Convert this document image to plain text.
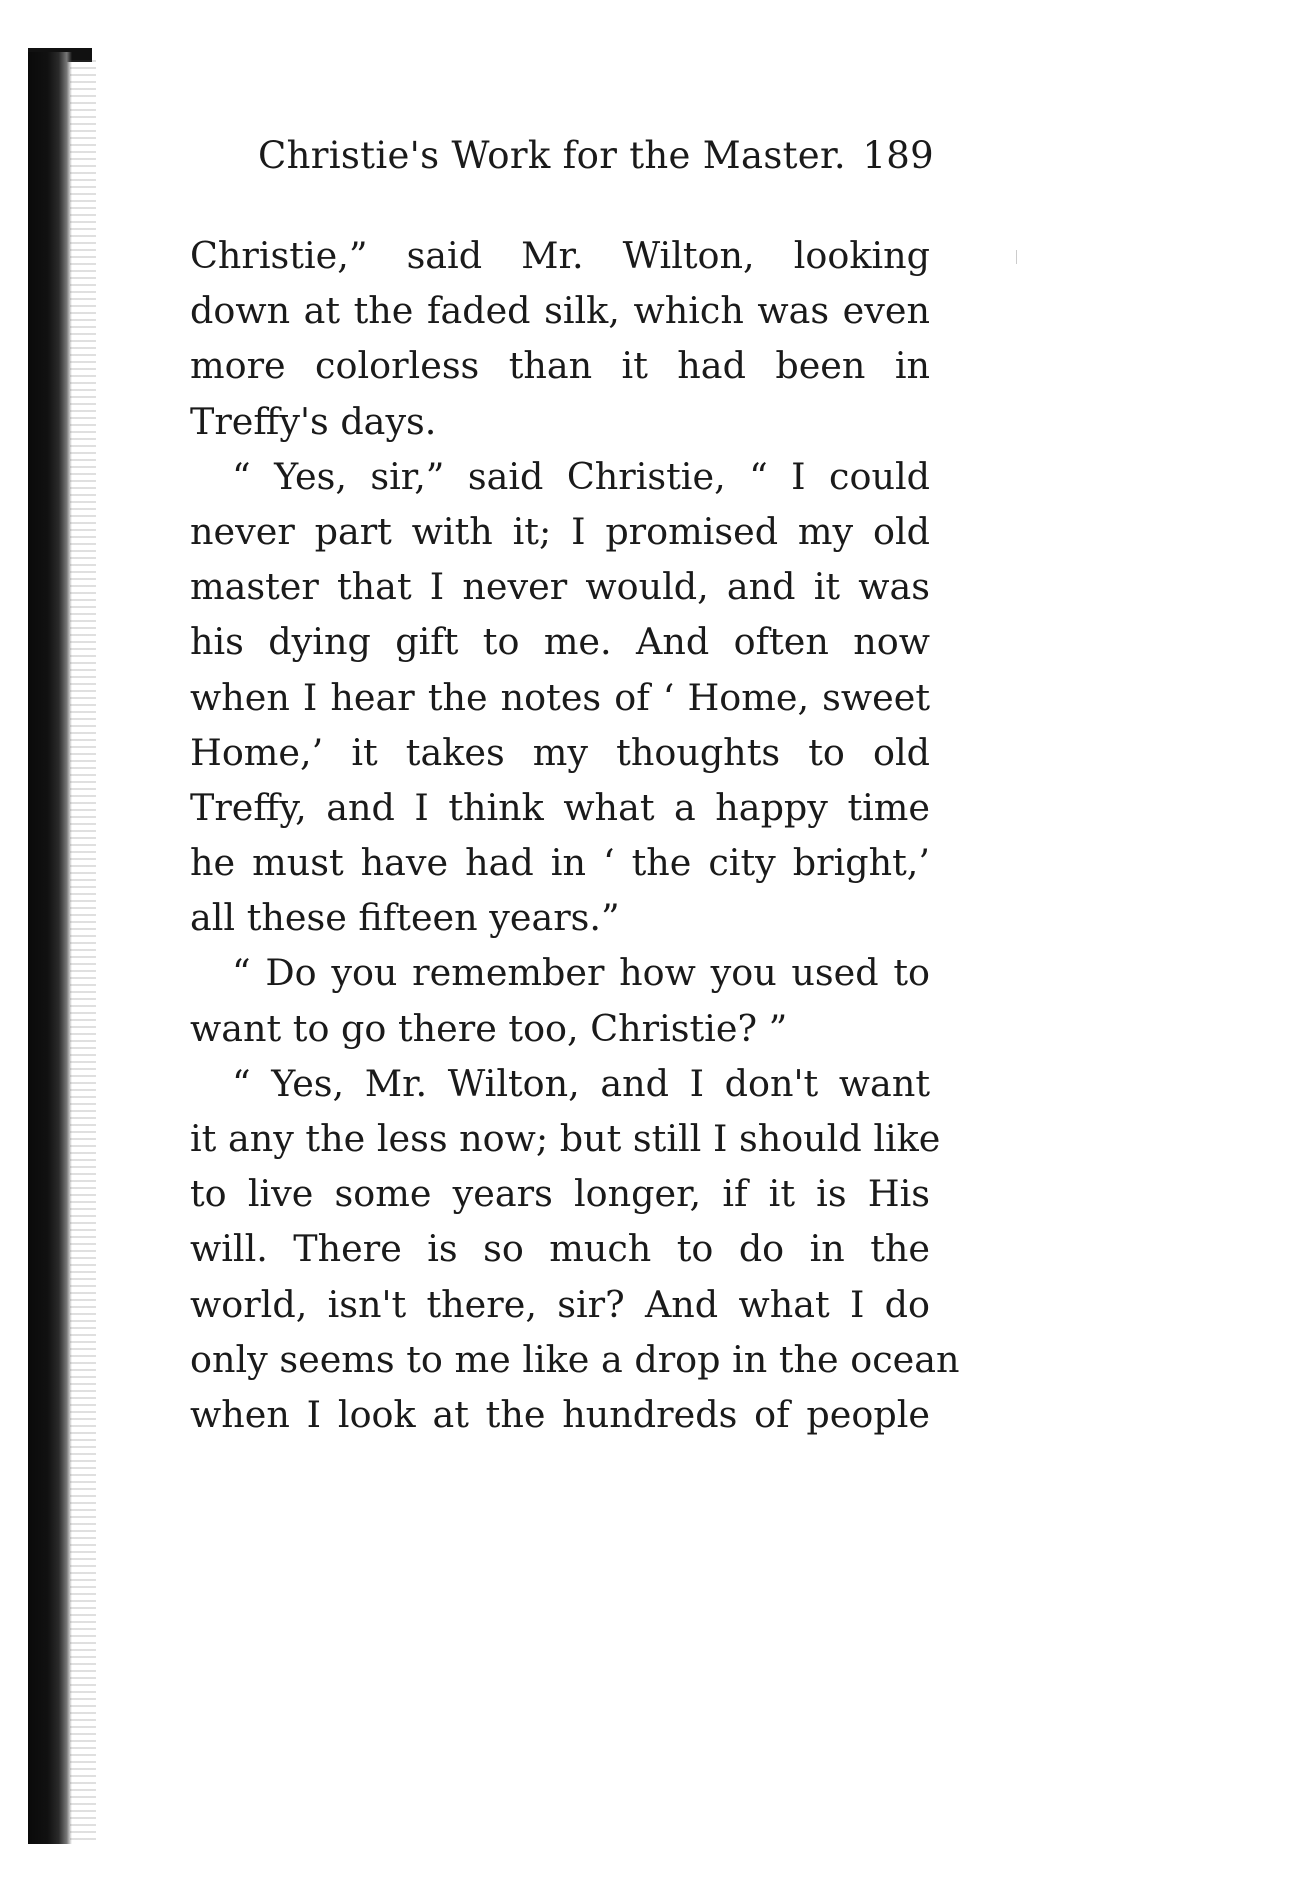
Christie's Work for the Master. 189
Christie,” said Mr. Wilton, looking
down at the faded silk, which was even
more colorless than it had been in
Treffy's days.
“ Yes, sir,” said Christie, “ I could
never part with it; I promised my old
master that I never would, and it was
his dying gift to me. And often now
when I hear the notes of ‘ Home, sweet
Home,’ it takes my thoughts to old
Treffy, and I think what a happy time
he must have had in ‘ the city bright,’
all these fifteen years.”
“ Do you remember how you used to
want to go there too, Christie? ”
“ Yes, Mr. Wilton, and I don't want
it any the less now; but still I should like
to live some years longer, if it is His
will. There is so much to do in the
world, isn't there, sir? And what I do
only seems to me like a drop in the ocean
when I look at the hundreds of people
